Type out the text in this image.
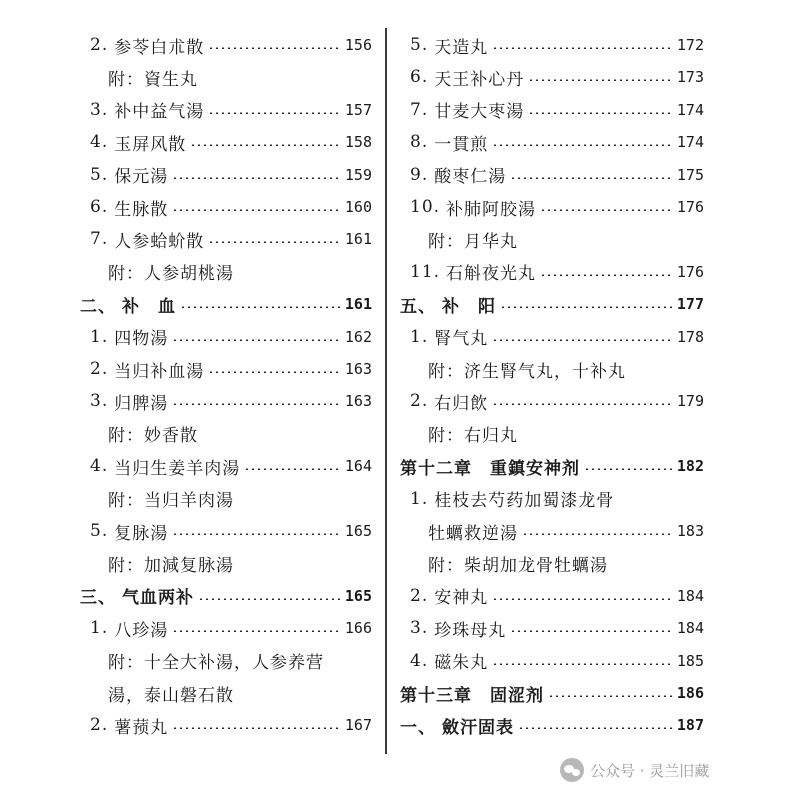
2. 参苓白朮散	156
附：資生丸
3. 补中益气湯	157
4. 玉屏风散	158
5. 保元湯	159
6. 生脉散	160
7. 人参蛤蚧散	161
附：人参胡桃湯
二、 补　血	161
1. 四物湯	162
2. 当归补血湯	163
3. 归脾湯	163
附：妙香散
4. 当归生姜羊肉湯	164
附：当归羊肉湯
5. 复脉湯	165
附：加減复脉湯
三、 气血两补	165
1. 八珍湯	166
附：十全大补湯，人参养营
湯，泰山磐石散
2. 薯蓣丸	167
5. 天造丸	172
6. 天王补心丹	173
7. 甘麦大枣湯	174
8. 一貫煎	174
9. 酸枣仁湯	175
10. 补肺阿胶湯	176
附：月华丸
11. 石斛夜光丸	176
五、 补　阳	177
1. 腎气丸	178
附：济生腎气丸，十补丸
2. 右归飲	179
附：右归丸
第十二章　重鎮安神剂	182
1. 桂枝去芍药加蜀漆龙骨
牡蠣救逆湯	183
附：柴胡加龙骨牡蠣湯
2. 安神丸	184
3. 珍珠母丸	184
4. 磁朱丸	185
第十三章　固涩剂	186
一、 斂汗固表	187
公众号 · 灵兰旧藏
